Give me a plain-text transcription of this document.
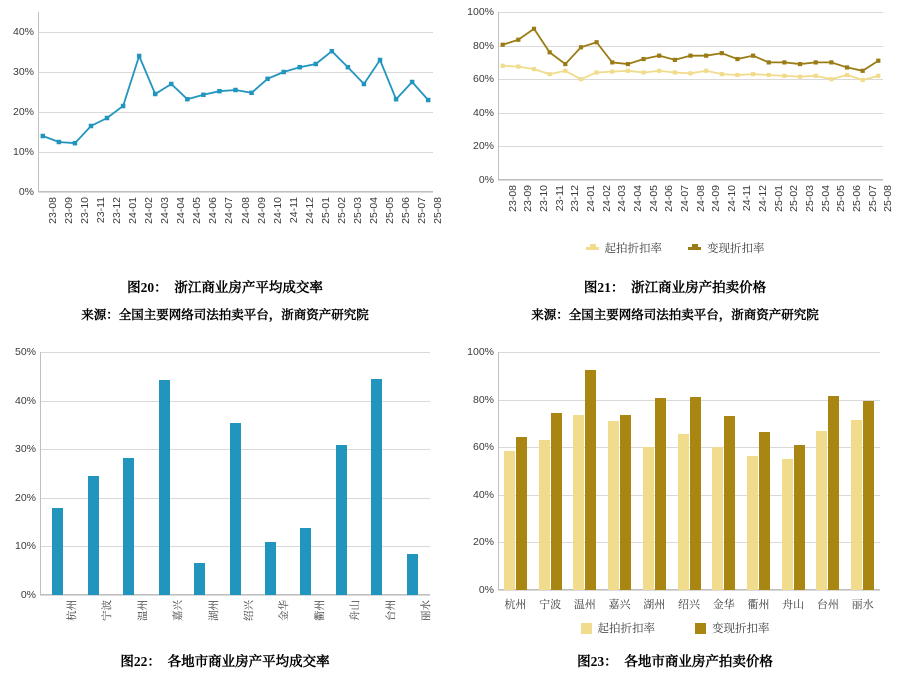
0%
10%
20%
30%
40%
23-08 23-09 23-10 23-11 23-12 24-01 24-02 24-03 24-04 24-05 24-06 24-07 24-08 24-09 24-10 24-11 24-12 25-01 25-02 25-03 25-04 25-05 25-06 25-07 25-08
图20：　浙江商业房产平均成交率
来源：全国主要网络司法拍卖平台，浙商资产研究院
0%
20%
40%
60%
80%
100%
23-08 23-09 23-10 23-11 23-12 24-01 24-02 24-03 24-04 24-05 24-06 24-07 24-08 24-09 24-10 24-11 24-12 25-01 25-02 25-03 25-04 25-05 25-06 25-07 25-08
起拍折扣率	变现折扣率
图21：　浙江商业房产拍卖价格
来源：全国主要网络司法拍卖平台，浙商资产研究院
0%
10%
20%
30%
40%
50%
杭州 宁波 温州 嘉兴 湖州 绍兴 金华 衢州 舟山 台州 丽水
图22：　各地市商业房产平均成交率
0%
20%
40%
60%
80%
100%
杭州 宁波 温州 嘉兴 湖州 绍兴 金华 衢州 舟山 台州 丽水
起拍折扣率	变现折扣率
图23：　各地市商业房产拍卖价格
